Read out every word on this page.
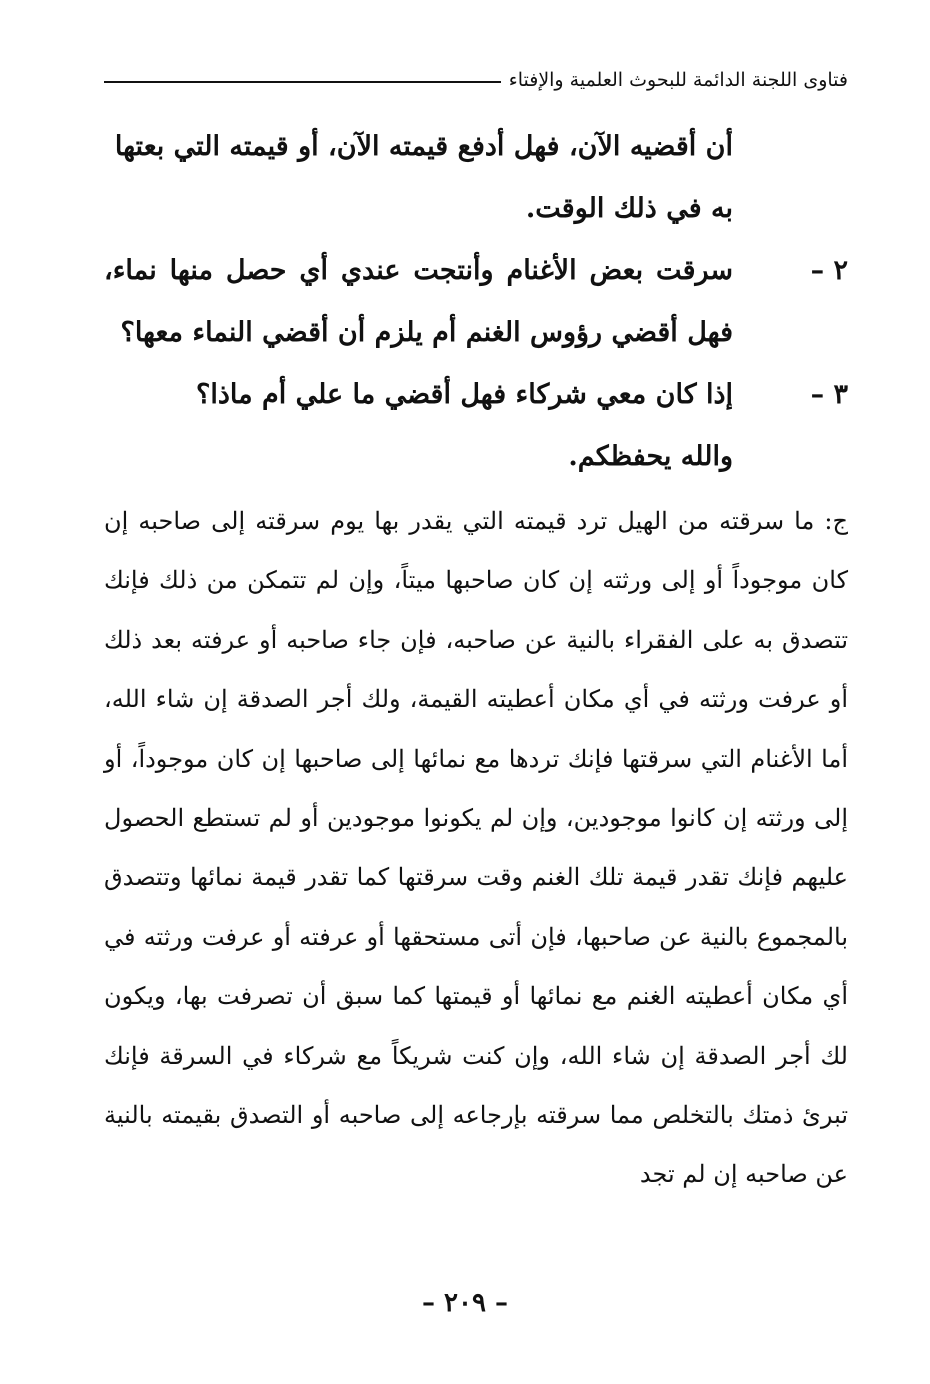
فتاوى اللجنة الدائمة للبحوث العلمية والإفتاء
أن أقضيه الآن، فهل أدفع قيمته الآن، أو قيمته التي بعتها به في ذلك الوقت.
٢ –
سرقت بعض الأغنام وأنتجت عندي أي حصل منها نماء، فهل أقضي رؤوس الغنم أم يلزم أن أقضي النماء معها؟
٣ –
إذا كان معي شركاء فهل أقضي ما علي أم ماذا؟
والله يحفظكم.
ج: ما سرقته من الهيل ترد قيمته التي يقدر بها يوم سرقته إلى صاحبه إن كان موجوداً أو إلى ورثته إن كان صاحبها ميتاً، وإن لم تتمكن من ذلك فإنك تتصدق به على الفقراء بالنية عن صاحبه، فإن جاء صاحبه أو عرفته بعد ذلك أو عرفت ورثته في أي مكان أعطيته القيمة، ولك أجر الصدقة إن شاء الله، أما الأغنام التي سرقتها فإنك تردها مع نمائها إلى صاحبها إن كان موجوداً، أو إلى ورثته إن كانوا موجودين، وإن لم يكونوا موجودين أو لم تستطع الحصول عليهم فإنك تقدر قيمة تلك الغنم وقت سرقتها كما تقدر قيمة نمائها وتتصدق بالمجموع بالنية عن صاحبها، فإن أتى مستحقها أو عرفته أو عرفت ورثته في أي مكان أعطيته الغنم مع نمائها أو قيمتها كما سبق أن تصرفت بها، ويكون لك أجر الصدقة إن شاء الله، وإن كنت شريكاً مع شركاء في السرقة فإنك تبرئ ذمتك بالتخلص مما سرقته بإرجاعه إلى صاحبه أو التصدق بقيمته بالنية عن صاحبه إن لم تجد
– ٢٠٩ –
